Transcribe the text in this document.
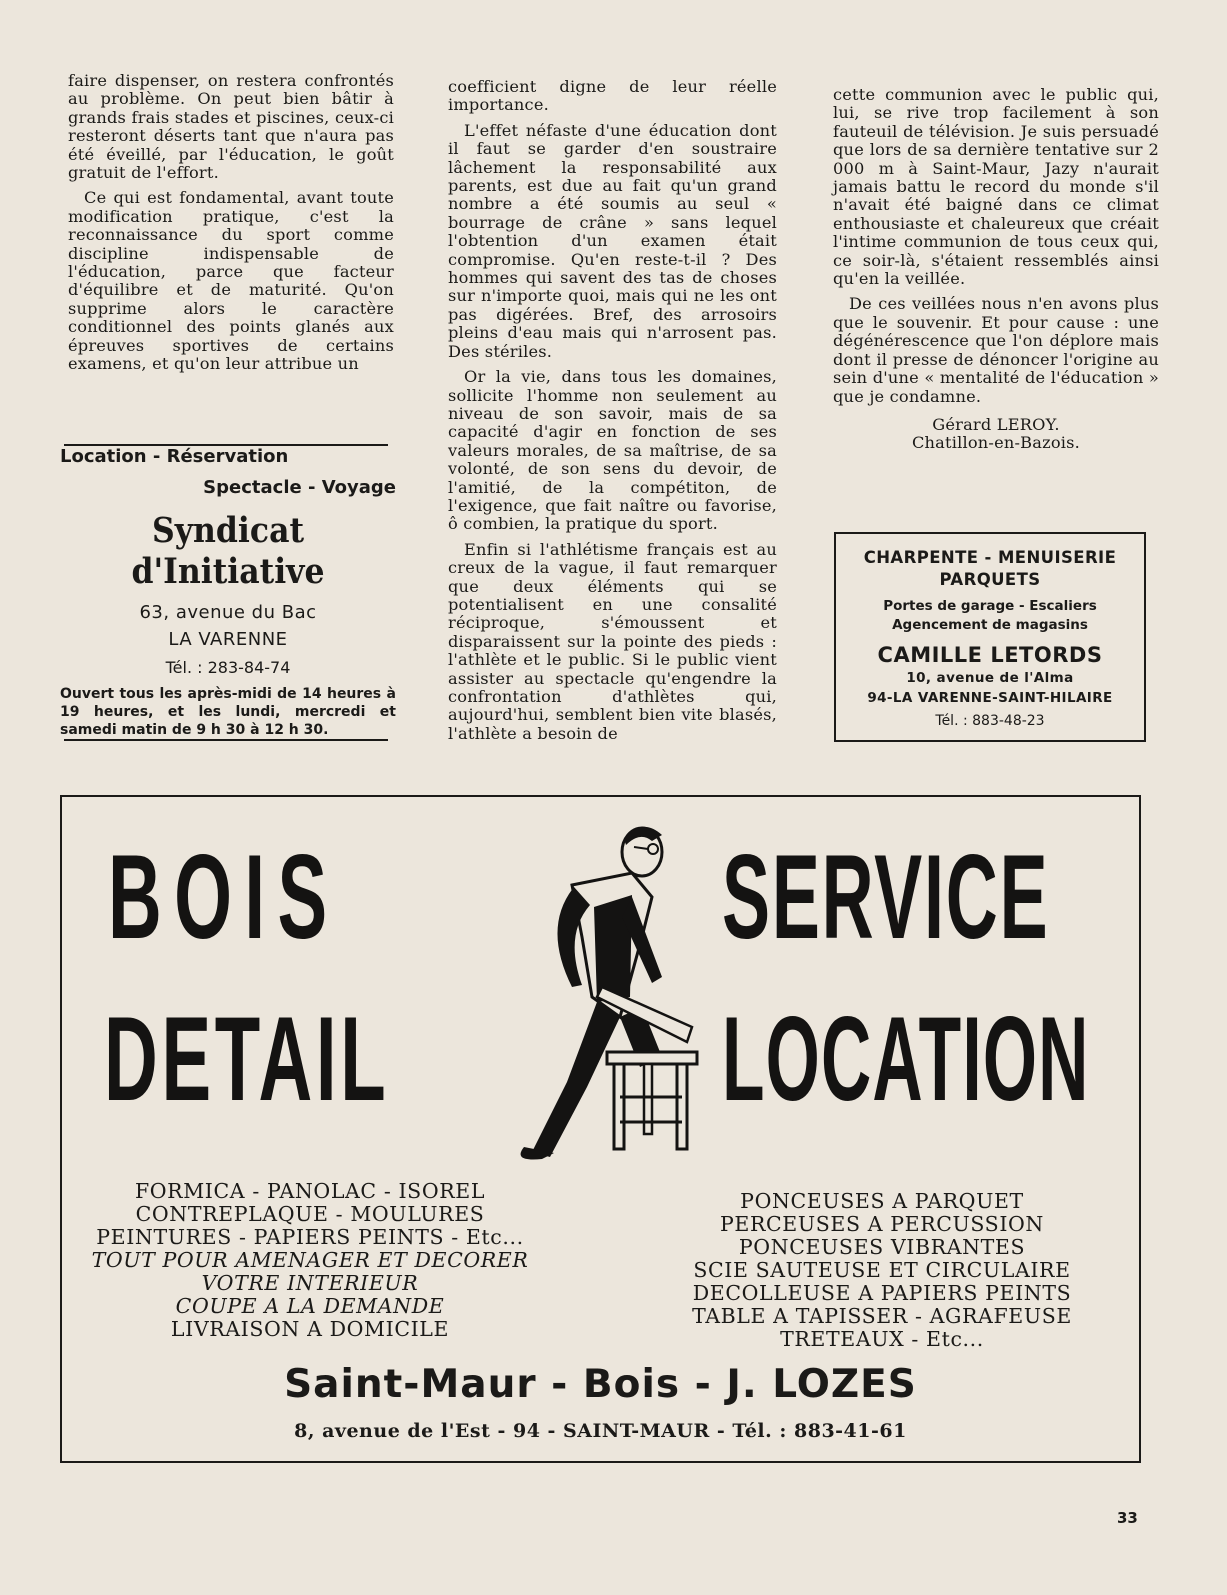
faire dispenser, on restera confrontés au problème. On peut bien bâtir à grands frais stades et piscines, ceux-ci resteront déserts tant que n'aura pas été éveillé, par l'éducation, le goût gratuit de l'effort.

Ce qui est fondamental, avant toute modification pratique, c'est la reconnaissance du sport comme discipline indispensable de l'éducation, parce que facteur d'équilibre et de maturité. Qu'on supprime alors le caractère conditionnel des points glanés aux épreuves sportives de certains examens, et qu'on leur attribue un

coefficient digne de leur réelle importance.

L'effet néfaste d'une éducation dont il faut se garder d'en soustraire lâchement la responsabilité aux parents, est due au fait qu'un grand nombre a été soumis au seul « bourrage de crâne » sans lequel l'obtention d'un examen était compromise. Qu'en reste-t-il ? Des hommes qui savent des tas de choses sur n'importe quoi, mais qui ne les ont pas digérées. Bref, des arrosoirs pleins d'eau mais qui n'arrosent pas. Des stériles.

Or la vie, dans tous les domaines, sollicite l'homme non seulement au niveau de son savoir, mais de sa capacité d'agir en fonction de ses valeurs morales, de sa maîtrise, de sa volonté, de son sens du devoir, de l'amitié, de la compétiton, de l'exigence, que fait naître ou favorise, ô combien, la pratique du sport.

Enfin si l'athlétisme français est au creux de la vague, il faut remarquer que deux éléments qui se potentialisent en une consalité réciproque, s'émoussent et disparaissent sur la pointe des pieds : l'athlète et le public. Si le public vient assister au spectacle qu'engendre la confrontation d'athlètes qui, aujourd'hui, semblent bien vite blasés, l'athlète a besoin de

cette communion avec le public qui, lui, se rive trop facilement à son fauteuil de télévision. Je suis persuadé que lors de sa dernière tentative sur 2 000 m à Saint-Maur, Jazy n'aurait jamais battu le record du monde s'il n'avait été baigné dans ce climat enthousiaste et chaleureux que créait l'intime communion de tous ceux qui, ce soir-là, s'étaient ressemblés ainsi qu'en la veillée.

De ces veillées nous n'en avons plus que le souvenir. Et pour cause : une dégénérescence que l'on déplore mais dont il presse de dénoncer l'origine au sein d'une « mentalité de l'éducation » que je condamne.

Gérard LEROY.
Chatillon-en-Bazois.
Location - Réservation
Spectacle - Voyage
Syndicat d'Initiative
63, avenue du Bac
LA VARENNE
Tél. : 283-84-74
Ouvert tous les après-midi de 14 heures à 19 heures, et les lundi, mercredi et samedi matin de 9 h 30 à 12 h 30.
CHARPENTE - MENUISERIE
PARQUETS
Portes de garage - Escaliers
Agencement de magasins
CAMILLE LETORDS
10, avenue de l'Alma
94-LA VARENNE-SAINT-HILAIRE
Tél. : 883-48-23
BOIS
DETAIL
SERVICE
LOCATION
FORMICA - PANOLAC - ISOREL
CONTREPLAQUE - MOULURES
PEINTURES - PAPIERS PEINTS - Etc...
TOUT POUR AMENAGER ET DECORER
VOTRE INTERIEUR
COUPE A LA DEMANDE
LIVRAISON A DOMICILE
PONCEUSES A PARQUET
PERCEUSES A PERCUSSION
PONCEUSES VIBRANTES
SCIE SAUTEUSE ET CIRCULAIRE
DECOLLEUSE A PAPIERS PEINTS
TABLE A TAPISSER - AGRAFEUSE
TRETEAUX - Etc...
Saint-Maur - Bois - J. LOZES
8, avenue de l'Est - 94 - SAINT-MAUR - Tél. : 883-41-61
33
